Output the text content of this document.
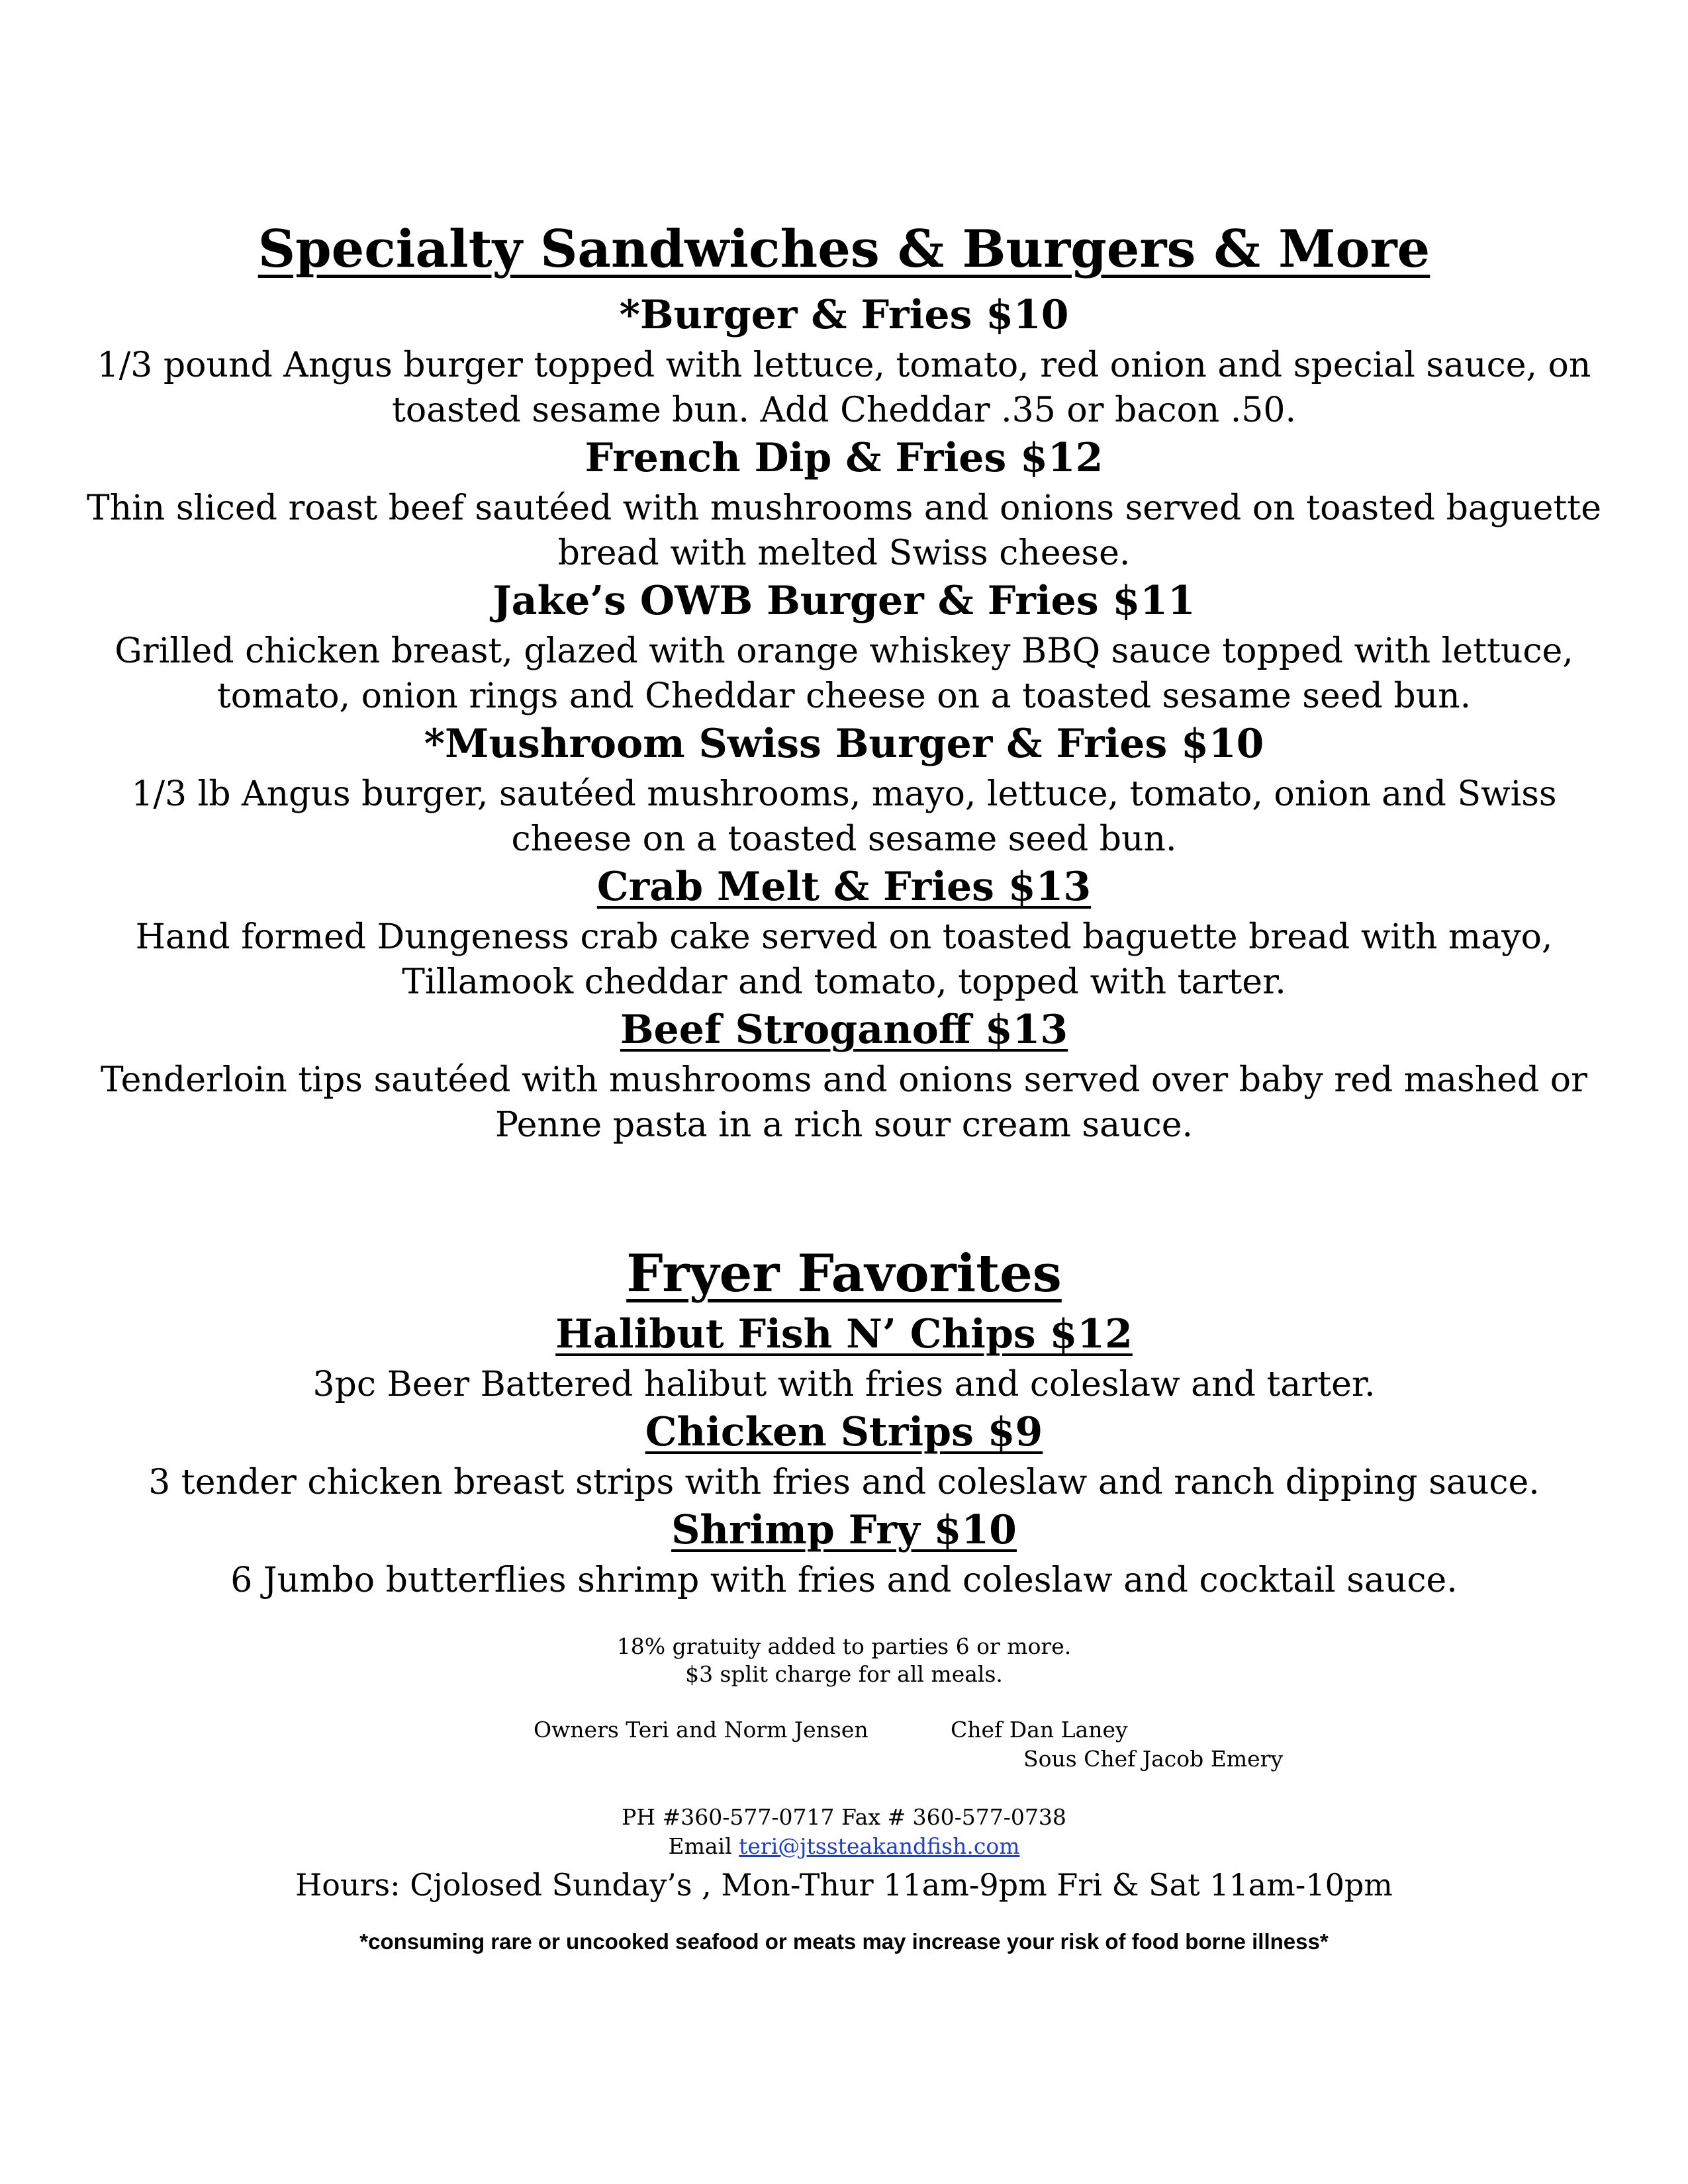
Specialty Sandwiches & Burgers & More
*Burger & Fries $10
1/3 pound Angus burger topped with lettuce, tomato, red onion and special sauce, on
toasted sesame bun. Add Cheddar .35 or bacon .50.
French Dip & Fries $12
Thin sliced roast beef sautéed with mushrooms and onions served on toasted baguette
bread with melted Swiss cheese.
Jake’s OWB Burger & Fries $11
Grilled chicken breast, glazed with orange whiskey BBQ sauce topped with lettuce,
tomato, onion rings and Cheddar cheese on a toasted sesame seed bun.
*Mushroom Swiss Burger & Fries $10
1/3 lb Angus burger, sautéed mushrooms, mayo, lettuce, tomato, onion and Swiss
cheese on a toasted sesame seed bun.
Crab Melt & Fries $13
Hand formed Dungeness crab cake served on toasted baguette bread with mayo,
Tillamook cheddar and tomato, topped with tarter.
Beef Stroganoff $13
Tenderloin tips sautéed with mushrooms and onions served over baby red mashed or
Penne pasta in a rich sour cream sauce.
Fryer Favorites
Halibut Fish N’ Chips $12
3pc Beer Battered halibut with fries and coleslaw and tarter.
Chicken Strips $9
3 tender chicken breast strips with fries and coleslaw and ranch dipping sauce.
Shrimp Fry $10
6 Jumbo butterflies shrimp with fries and coleslaw and cocktail sauce.
18% gratuity added to parties 6 or more.
$3 split charge for all meals.
Owners Teri and Norm Jensen	Chef Dan Laney
Sous Chef Jacob Emery
PH #360-577-0717 Fax # 360-577-0738
Email teri@jtssteakandfish.com
Hours: Cjolosed Sunday’s , Mon-Thur 11am-9pm Fri & Sat 11am-10pm
*consuming rare or uncooked seafood or meats may increase your risk of food borne illness*
